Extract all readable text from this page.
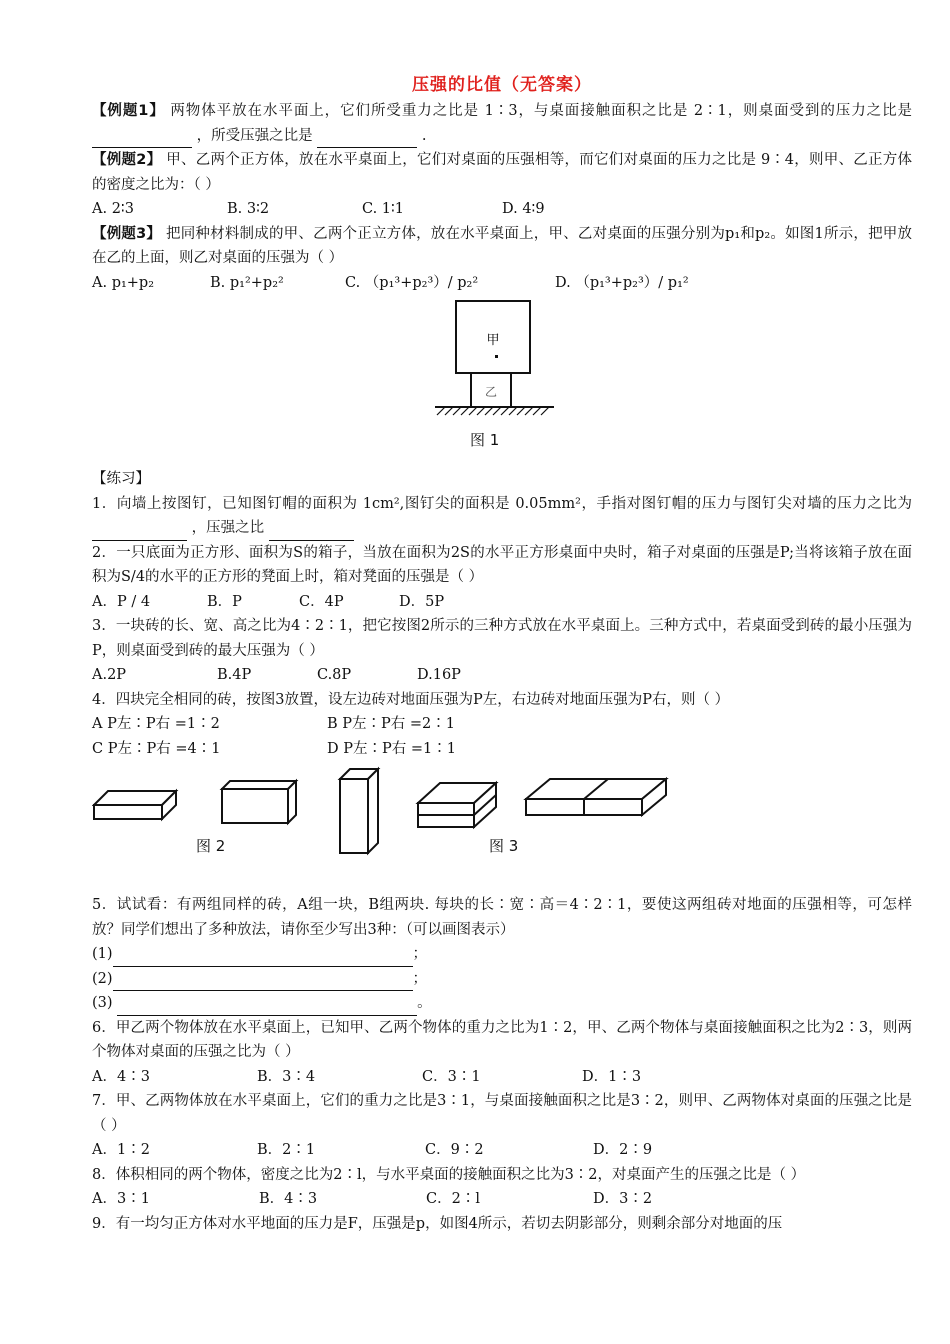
压强的比值（无答案）

【例题1】 两物体平放在水平面上，它们所受重力之比是 1∶3，与桌面接触面积之比是 2∶1，则桌面受到的压力之比是  ，所受压强之比是	.

【例题2】 甲、乙两个正方体，放在水平桌面上，它们对桌面的压强相等，而它们对桌面的压力之比是 9∶4，则甲、乙正方体的密度之比为：（ ）

A. 2∶3	B. 3∶2	C. 1∶1	D. 4∶9

【例题3】 把同种材料制成的甲、乙两个正立方体，放在水平桌面上，甲、乙对桌面的压强分别为p₁和p₂。如图1所示，把甲放在乙的上面，则乙对桌面的压强为（ ）

A. p₁+p₂	B. p₁²+p₂²	C. （p₁³+p₂³）/ p₂²	D. （p₁³+p₂³）/ p₁²
甲
乙
图 1

【练习】

1．向墙上按图钉，已知图钉帽的面积为 1cm²,图钉尖的面积是 0.05mm²，手指对图钉帽的压力与图钉尖对墙的压力之比为  ，压强之比

2．一只底面为正方形、面积为S的箱子，当放在面积为2S的水平正方形桌面中央时，箱子对桌面的压强是P;当将该箱子放在面积为S/4的水平的正方形的凳面上时，箱对凳面的压强是（ ）

A．P / 4	B．P	C．4P	D．5P

3．一块砖的长、宽、高之比为4∶2∶1，把它按图2所示的三种方式放在水平桌面上。三种方式中，若桌面受到砖的最小压强为P，则桌面受到砖的最大压强为（ ）

A.2P	B.4P	C.8P	D.16P

4．四块完全相同的砖，按图3放置，设左边砖对地面压强为P左，右边砖对地面压强为P右，则（ ）

A P左∶P右 =1∶2	B P左∶P右 =2∶1
C P左∶P右 =4∶1	D P左∶P右 =1∶1
图 2	图 3

5．试试看：有两组同样的砖，A组一块，B组两块. 每块的长∶宽∶高＝4∶2∶1，要使这两组砖对地面的压强相等，可怎样放？同学们想出了多种放法，请你至少写出3种：（可以画图表示）

(1)	；

(2)	；

(3)	。

6．甲乙两个物体放在水平桌面上，已知甲、乙两个物体的重力之比为1∶2，甲、乙两个物体与桌面接触面积之比为2∶3，则两个物体对桌面的压强之比为（ ）

A．4∶3	B．3∶4	C．3∶1	D．1∶3

7．甲、乙两物体放在水平桌面上，它们的重力之比是3∶1，与桌面接触面积之比是3∶2，则甲、乙两物体对桌面的压强之比是 （ ）

A．1∶2	B．2∶1	C．9∶2	D．2∶9

8．体积相同的两个物体，密度之比为2∶l，与水平桌面的接触面积之比为3∶2，对桌面产生的压强之比是（ ）

A．3∶1	B．4∶3	C．2∶l	D．3∶2

9．有一均匀正方体对水平地面的压力是F，压强是p，如图4所示，若切去阴影部分，则剩余部分对地面的压
